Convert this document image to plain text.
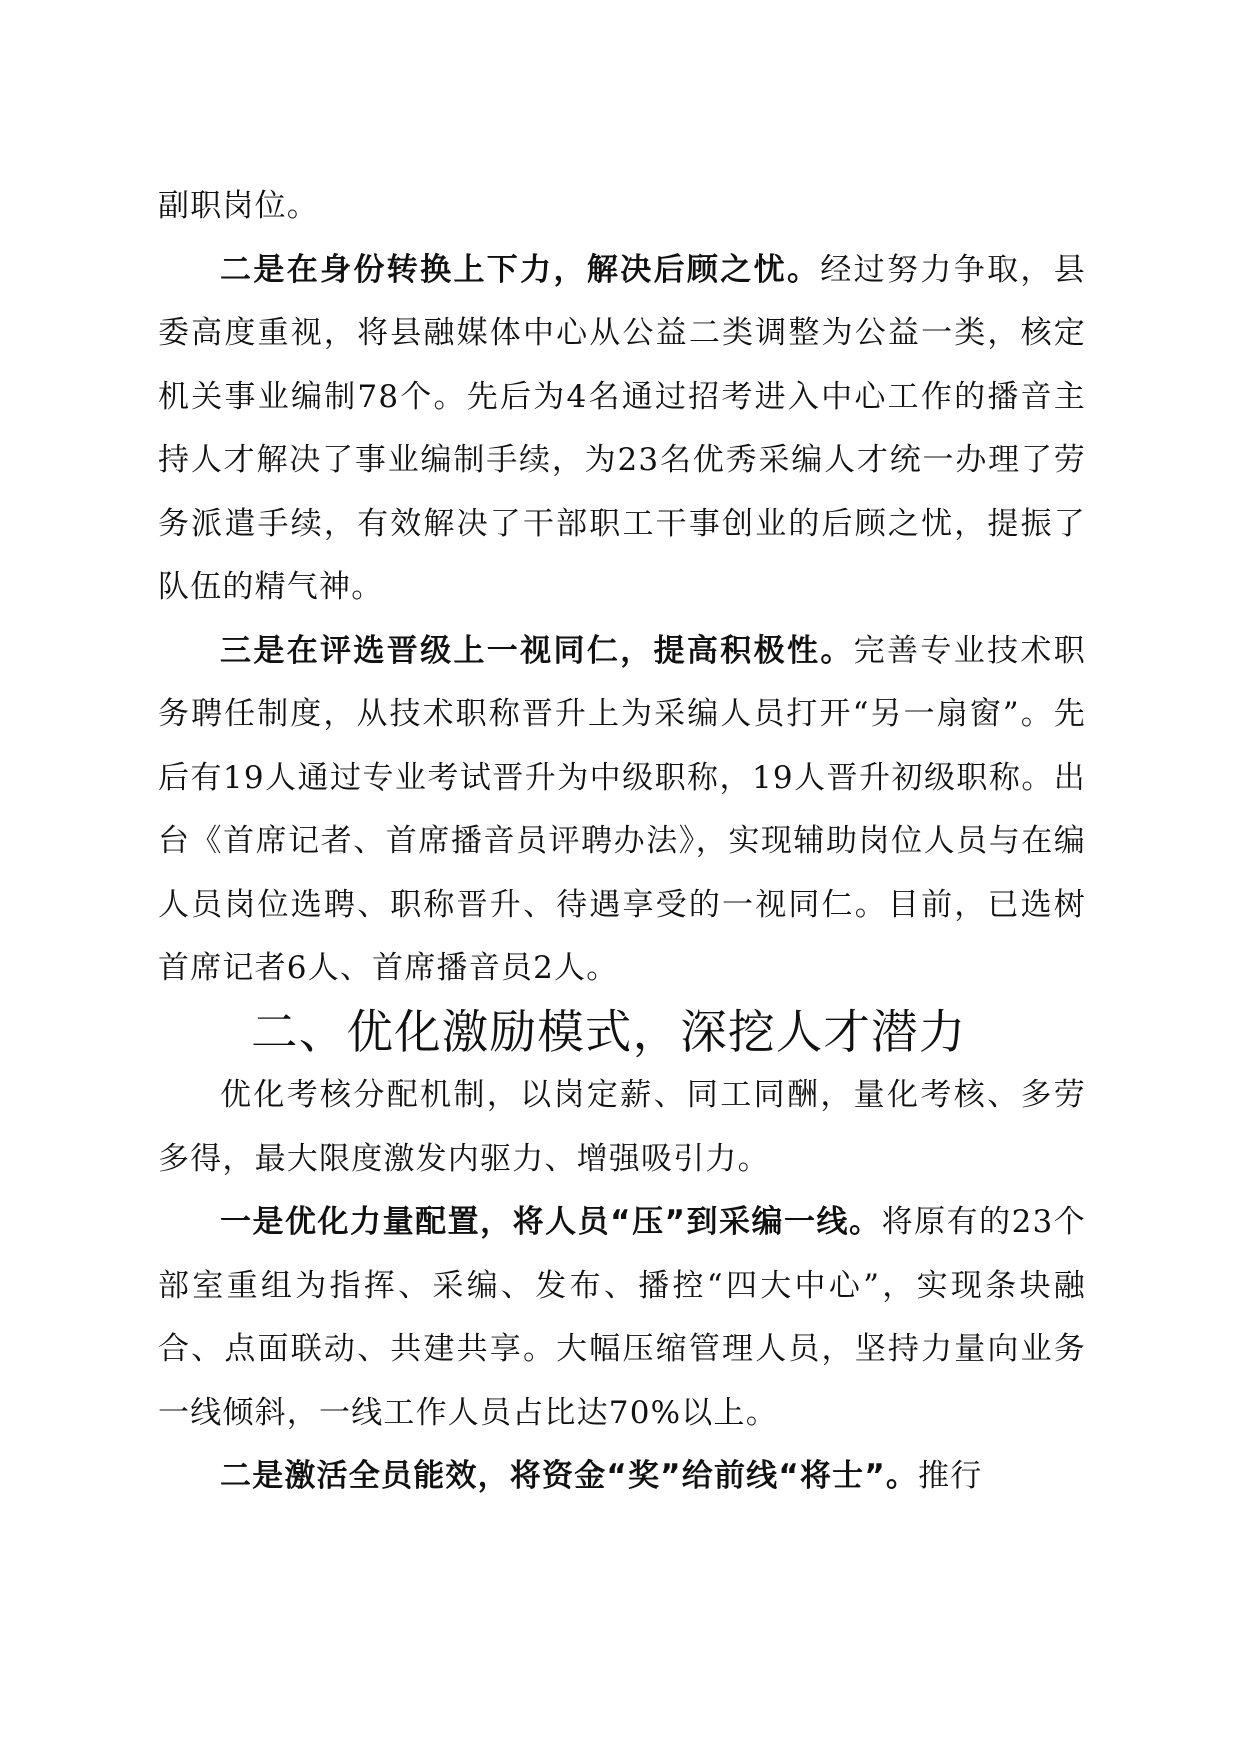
副职岗位。

二是在身份转换上下力，解决后顾之忧。经过努力争取，县委高度重视，将县融媒体中心从公益二类调整为公益一类，核定机关事业编制78个。先后为4名通过招考进入中心工作的播音主持人才解决了事业编制手续，为23名优秀采编人才统一办理了劳务派遣手续，有效解决了干部职工干事创业的后顾之忧，提振了队伍的精气神。

三是在评选晋级上一视同仁，提高积极性。完善专业技术职务聘任制度，从技术职称晋升上为采编人员打开“另一扇窗”。先后有19人通过专业考试晋升为中级职称，19人晋升初级职称。出台《首席记者、首席播音员评聘办法》，实现辅助岗位人员与在编人员岗位选聘、职称晋升、待遇享受的一视同仁。目前，已选树首席记者6人、首席播音员2人。

二、优化激励模式，深挖人才潜力

优化考核分配机制，以岗定薪、同工同酬，量化考核、多劳多得，最大限度激发内驱力、增强吸引力。

一是优化力量配置，将人员“压”到采编一线。将原有的23个部室重组为指挥、采编、发布、播控“四大中心”，实现条块融合、点面联动、共建共享。大幅压缩管理人员，坚持力量向业务一线倾斜，一线工作人员占比达70%以上。

二是激活全员能效，将资金“奖”给前线“将士”。推行
